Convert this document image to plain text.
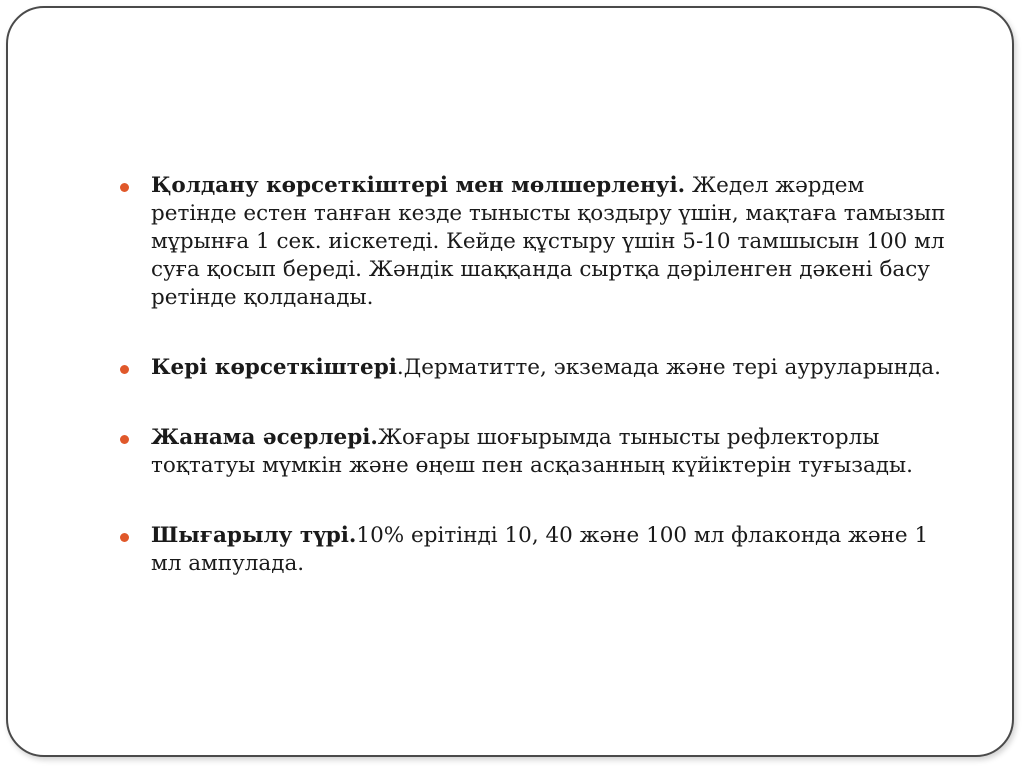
Қолдану көрсеткіштері мен мөлшерленуі. Жедел жәрдем ретінде естен танған кезде тынысты қоздыру үшін, мақтаға тамызып мұрынға 1 сек. иіскетеді. Кейде құстыру үшін 5-10 тамшысын 100 мл суға қосып береді. Жәндік шаққанда сыртқа дәріленген дәкені басу ретінде қолданады.
Кері көрсеткіштері.Дерматитте, экземада және тері ауруларында.
Жанама әсерлері.Жоғары шоғырымда тынысты рефлекторлы тоқтатуы мүмкін және өңеш пен асқазанның күйіктерін туғызады.
Шығарылу түрі.10% ерітінді 10, 40 және 100 мл флаконда және 1 мл ампулада.
